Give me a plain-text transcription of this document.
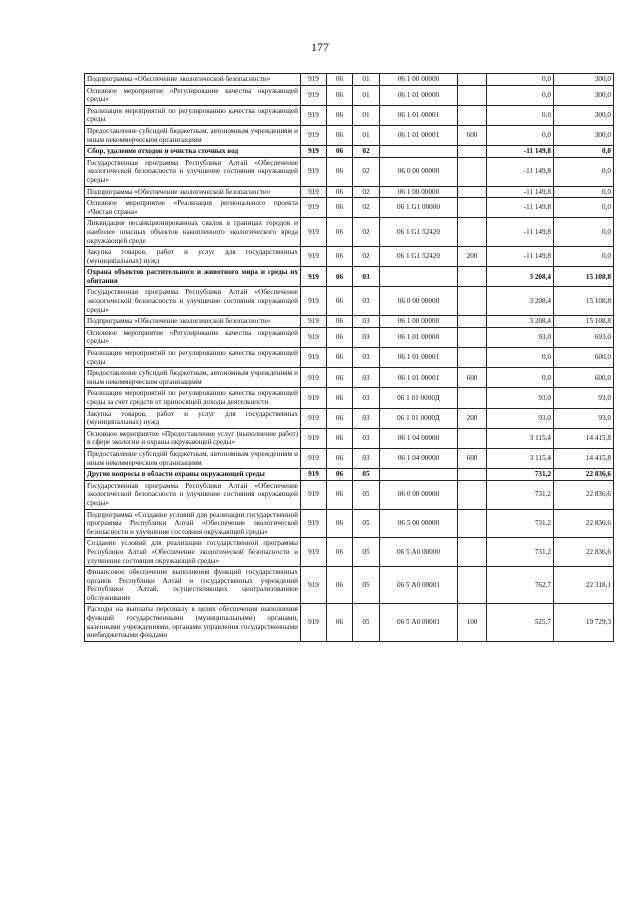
177
Подпрограмма «Обеспечение экологической безопасности»	919	06	01	06 1 00 00000		0,0	300,0
Основное мероприятие «Регулирование качества окружающей среды»	919	06	01	06 1 01 00000		0,0	300,0
Реализация мероприятий по регулированию качества окружающей среды	919	06	01	06 1 01 00001		0,0	300,0
Предоставление субсидий бюджетным, автономным учреждениям и иным некоммерческим организациям	919	06	01	06 1 01 00001	600	0,0	300,0
Сбор, удаление отходов и очистка сточных вод	919	06	02			-11 149,8	0,0
Государственная программа Республики Алтай «Обеспечение экологической безопасности и улучшение состояния окружающей среды»	919	06	02	06 0 00 00000		-11 149,8	0,0
Подпрограмма «Обеспечение экологической безопасности»	919	06	02	06 1 00 00000		-11 149,8	0,0
Основное мероприятие «Реализация регионального проекта «Чистая страна»	919	06	02	06 1 G1 00000		-11 149,8	0,0
Ликвидация несанкционированных свалок в границах городов и наиболее опасных объектов накопленного экологического вреда окружающей среде	919	06	02	06 1 G1 52420		-11 149,8	0,0
Закупка товаров, работ и услуг для государственных (муниципальных) нужд	919	06	02	06 1 G1 52420	200	-11 149,8	0,0
Охрана объектов растительного и животного мира и среды их обитания	919	06	03			3 208,4	15 108,8
Государственная программа Республики Алтай «Обеспечение экологической безопасности и улучшение состояния окружающей среды»	919	06	03	06 0 00 00000		3 208,4	15 108,8
Подпрограмма «Обеспечение экологической безопасности»	919	06	03	06 1 00 00000		3 208,4	15 108,8
Основное мероприятие «Регулирование качества окружающей среды»	919	06	03	06 1 01 00000		93,0	693,0
Реализация мероприятий по регулированию качества окружающей среды	919	06	03	06 1 01 00001		0,0	600,0
Предоставление субсидий бюджетным, автономным учреждениям и иным некоммерческим организациям	919	06	03	06 1 01 00001	600	0,0	600,0
Реализация мероприятий по регулированию качества окружающей среды за счет средств от приносящей доходы деятельности	919	06	03	06 1 01 0000Д		93,0	93,0
Закупка товаров, работ и услуг для государственных (муниципальных) нужд	919	06	03	06 1 01 0000Д	200	93,0	93,0
Основное мероприятие «Предоставление услуг (выполнение работ) в сфере экологии и охраны окружающей среды»	919	06	03	06 1 04 00000		3 115,4	14 415,8
Предоставление субсидий бюджетным, автономным учреждениям и иным некоммерческим организациям	919	06	03	06 1 04 00000	600	3 115,4	14 415,8
Другие вопросы в области охраны окружающей среды	919	06	05			731,2	22 836,6
Государственная программа Республики Алтай «Обеспечение экологической безопасности и улучшение состояния окружающей среды»	919	06	05	06 0 00 00000		731,2	22 836,6
Подпрограмма «Создание условий для реализации государственной программы Республики Алтай «Обеспечение экологической безопасности и улучшение состояния окружающей среды»	919	06	05	06 5 00 00000		731,2	22 836,6
Создание условий для реализации государственной программы Республики Алтай «Обеспечение экологической безопасности и улучшение состояния окружающей среды»	919	06	05	06 5 А0 00000		731,2	22 836,6
Финансовое обеспечение выполнения функций государственных органов Республики Алтай и государственных учреждений Республики Алтай, осуществляющих централизованное обслуживание	919	06	05	06 5 А0 00001		762,7	22 318,1
Расходы на выплаты персоналу в целях обеспечения выполнения функций государственными (муниципальными) органами, казенными учреждениями, органами управления государственными внебюджетными фондами	919	06	05	06 5 А0 00001	100	525,7	19 729,3
